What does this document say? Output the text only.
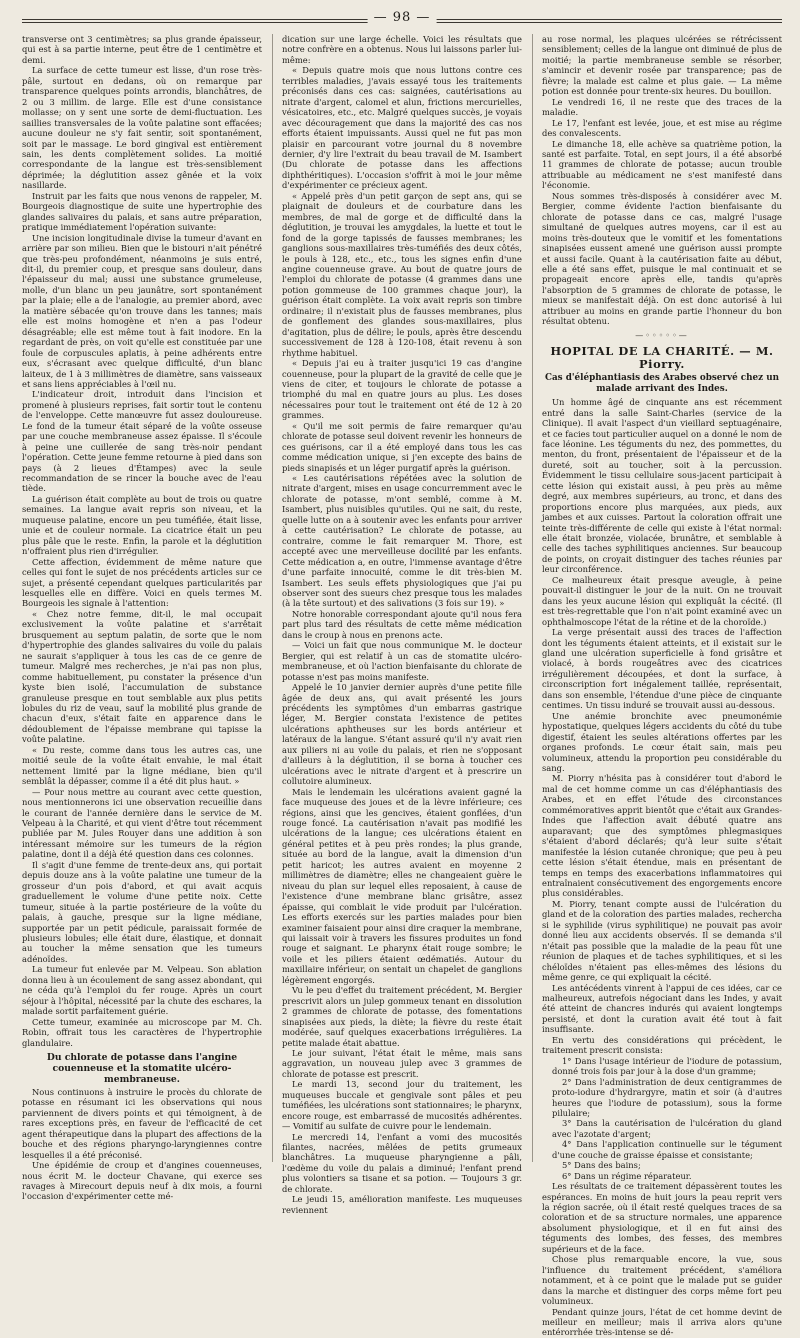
— 98 —

transverse ont 3 centimètres; sa plus grande épaisseur, qui est à sa partie interne, peut être de 1 centimètre et demi.

La surface de cette tumeur est lisse, d'un rose très-pâle, surtout en dedans, où on remarque par transparence quelques points arrondis, blanchâtres, de 2 ou 3 millim. de large. Elle est d'une consistance mollasse; on y sent une sorte de demi-fluctuation. Les saillies transversales de la voûte palatine sont effacées; aucune douleur ne s'y fait sentir, soit spontanément, soit par le massage. Le bord gingival est entièrement sain, les dents complètement solides. La moitié correspondante de la langue est très-sensiblement déprimée; la déglutition assez gênée et la voix nasillarde.

Instruit par les faits que nous venons de rappeler, M. Bourgeois diagnostique de suite une hypertrophie des glandes salivaires du palais, et sans autre préparation, pratique immédiatement l'opération suivante:

Une incision longitudinale divise la tumeur d'avant en arrière par son milieu. Bien que le bistouri n'ait pénétré que très-peu profondément, néanmoins je suis entré, dit-il, du premier coup, et presque sans douleur, dans l'épaisseur du mal; aussi une substance grumeleuse, molle, d'un blanc un peu jaunâtre, sort spontanément par la plaie; elle a de l'analogie, au premier abord, avec la matière sébacée qu'on trouve dans les tannes; mais elle est moins homogène et n'en a pas l'odeur désagréable; elle est même tout à fait inodore. En la regardant de près, on voit qu'elle est constituée par une foule de corpuscules aplatis, à peine adhérents entre eux, s'écrasant avec quelque difficulté, d'un blanc laiteux, de 1 à 3 millimètres de diamètre, sans vaisseaux et sans liens appréciables à l'œil nu.

L'indicateur droit, introduit dans l'incision et promené à plusieurs reprises, fait sortir tout le contenu de l'enveloppe. Cette manœuvre fut assez douloureuse. Le fond de la tumeur était séparé de la voûte osseuse par une couche membraneuse assez épaisse. Il s'écoule à peine une cuillerée de sang très-noir pendant l'opération. Cette jeune femme retourne à pied dans son pays (à 2 lieues d'Étampes) avec la seule recommandation de se rincer la bouche avec de l'eau tiède.

La guérison était complète au bout de trois ou quatre semaines. La langue avait repris son niveau, et la muqueuse palatine, encore un peu tuméfiée, était lisse, unie et de couleur normale. La cicatrice était un peu plus pâle que le reste. Enfin, la parole et la déglutition n'offraient plus rien d'irrégulier.

Cette affection, évidemment de même nature que celles qui font le sujet de nos précédents articles sur ce sujet, a présenté cependant quelques particularités par lesquelles elle en diffère. Voici en quels termes M. Bourgeois les signale à l'attention:

« Chez notre femme, dit-il, le mal occupait exclusivement la voûte palatine et s'arrêtait brusquement au septum palatin, de sorte que le nom d'hypertrophie des glandes salivaires du voile du palais ne saurait s'appliquer à tous les cas de ce genre de tumeur. Malgré mes recherches, je n'ai pas non plus, comme habituellement, pu constater la présence d'un kyste bien isolé, l'accumulation de substance granuleuse presque en tout semblable aux plus petits lobules du riz de veau, sauf la mobilité plus grande de chacun d'eux, s'était faite en apparence dans le dédoublement de l'épaisse membrane qui tapisse la voûte palatine.

« Du reste, comme dans tous les autres cas, une moitié seule de la voûte était envahie, le mal était nettement limité par la ligne médiane, bien qu'il semblât la dépasser, comme il a été dit plus haut. »

— Pour nous mettre au courant avec cette question, nous mentionnerons ici une observation recueillie dans le courant de l'année dernière dans le service de M. Velpeau à la Charité, et qui vient d'être tout récemment publiée par M. Jules Rouyer dans une addition à son intéressant mémoire sur les tumeurs de la région palatine, dont il a déjà été question dans ces colonnes.

Il s'agit d'une femme de trente-deux ans, qui portait depuis douze ans à la voûte palatine une tumeur de la grosseur d'un pois d'abord, et qui avait acquis graduellement le volume d'une petite noix. Cette tumeur, située à la partie postérieure de la voûte du palais, à gauche, presque sur la ligne médiane, supportée par un petit pédicule, paraissait formée de plusieurs lobules; elle était dure, élastique, et donnait au toucher la même sensation que les tumeurs adénoïdes.

La tumeur fut enlevée par M. Velpeau. Son ablation donna lieu à un écoulement de sang assez abondant, qui ne céda qu'à l'emploi du fer rouge. Après un court séjour à l'hôpital, nécessité par la chute des eschares, la malade sortit parfaitement guérie.

Cette tumeur, examinée au microscope par M. Ch. Robin, offrait tous les caractères de l'hypertrophie glandulaire.

Du chlorate de potasse dans l'angine couenneuse et la stomatite ulcéro-membraneuse.

Nous continuons à instruire le procès du chlorate de potasse en résumant ici les observations qui nous parviennent de divers points et qui témoignent, à de rares exceptions près, en faveur de l'efficacité de cet agent thérapeutique dans la plupart des affections de la bouche et des régions pharyngo-laryngiennes contre lesquelles il a été préconisé.

Une épidémie de croup et d'angines couenneuses, nous écrit M. le docteur Chavane, qui exerce ses ravages à Mirecourt depuis neuf à dix mois, a fourni l'occasion d'expérimenter cette mé-

dication sur une large échelle. Voici les résultats que notre confrère en a obtenus. Nous lui laissons parler lui-même:

« Depuis quatre mois que nous luttons contre ces terribles maladies, j'avais essayé tous les traitements préconisés dans ces cas: saignées, cautérisations au nitrate d'argent, calomel et alun, frictions mercurielles, vésicatoires, etc., etc. Malgré quelques succès, je voyais avec découragement que dans la majorité des cas nos efforts étaient impuissants. Aussi quel ne fut pas mon plaisir en parcourant votre journal du 8 novembre dernier, d'y lire l'extrait du beau travail de M. Isambert (Du chlorate de potasse dans les affections diphthéritiques). L'occasion s'offrit à moi le jour même d'expérimenter ce précieux agent.

« Appelé près d'un petit garçon de sept ans, qui se plaignait de douleurs et de courbature dans les membres, de mal de gorge et de difficulté dans la déglutition, je trouvai les amygdales, la luette et tout le fond de la gorge tapissés de fausses membranes; les ganglions sous-maxillaires très-tuméfiés des deux côtés, le pouls à 128, etc., etc., tous les signes enfin d'une angine couenneuse grave. Au bout de quatre jours de l'emploi du chlorate de potasse (4 grammes dans une potion gommeuse de 100 grammes chaque jour), la guérison était complète. La voix avait repris son timbre ordinaire; il n'existait plus de fausses membranes, plus de gonflement des glandes sous-maxillaires, plus d'agitation, plus de délire; le pouls, après être descendu successivement de 128 à 120-108, était revenu à son rhythme habituel.

« Depuis j'ai eu à traiter jusqu'ici 19 cas d'angine couenneuse, pour la plupart de la gravité de celle que je viens de citer, et toujours le chlorate de potasse a triomphé du mal en quatre jours au plus. Les doses nécessaires pour tout le traitement ont été de 12 à 20 grammes.

« Qu'il me soit permis de faire remarquer qu'au chlorate de potasse seul doivent revenir les honneurs de ces guérisons, car il a été employé dans tous les cas comme médication unique, si j'en excepte des bains de pieds sinapisés et un léger purgatif après la guérison.

« Les cautérisations répétées avec la solution de nitrate d'argent, mises en usage concurremment avec le chlorate de potasse, m'ont semblé, comme à M. Isambert, plus nuisibles qu'utiles. Qui ne sait, du reste, quelle lutte on a à soutenir avec les enfants pour arriver à cette cautérisation? Le chlorate de potasse, au contraire, comme le fait remarquer M. Thore, est accepté avec une merveilleuse docilité par les enfants. Cette médication a, en outre, l'immense avantage d'être d'une parfaite innocuité, comme le dit très-bien M. Isambert. Les seuls effets physiologiques que j'ai pu observer sont des sueurs chez presque tous les malades (à la tête surtout) et des salivations (3 fois sur 19). »

Notre honorable correspondant ajoute qu'il nous fera part plus tard des résultats de cette même médication dans le croup à nous en prenons acte.

— Voici un fait que nous communique M. le docteur Bergier, qui est relatif à un cas de stomatite ulcéro-membraneuse, et où l'action bienfaisante du chlorate de potasse n'est pas moins manifeste.

Appelé le 10 janvier dernier auprès d'une petite fille âgée de deux ans, qui avait présenté les jours précédents les symptômes d'un embarras gastrique léger, M. Bergier constata l'existence de petites ulcérations aphtheuses sur les bords antérieur et latéraux de la langue. S'étant assuré qu'il n'y avait rien aux piliers ni au voile du palais, et rien ne s'opposant d'ailleurs à la déglutition, il se borna à toucher ces ulcérations avec le nitrate d'argent et à prescrire un collutoire alumineux.

Mais le lendemain les ulcérations avaient gagné la face muqueuse des joues et de la lèvre inférieure; ces régions, ainsi que les gencives, étaient gonflées, d'un rouge foncé. La cautérisation n'avait pas modifié les ulcérations de la langue; ces ulcérations étaient en général petites et à peu près rondes; la plus grande, située au bord de la langue, avait la dimension d'un petit haricot; les autres avaient en moyenne 2 millimètres de diamètre; elles ne changeaient guère le niveau du plan sur lequel elles reposaient, à cause de l'existence d'une membrane blanc grisâtre, assez épaisse, qui comblait le vide produit par l'ulcération. Les efforts exercés sur les parties malades pour bien examiner faisaient pour ainsi dire craquer la membrane, qui laissait voir à travers les fissures produites un fond rouge et saignant. Le pharynx était rouge sombre; le voile et les piliers étaient œdématiés. Autour du maxillaire inférieur, on sentait un chapelet de ganglions légèrement engorgés.

Vu le peu d'effet du traitement précédent, M. Bergier prescrivit alors un julep gommeux tenant en dissolution 2 grammes de chlorate de potasse, des fomentations sinapisées aux pieds, la diète; la fièvre du reste était modérée, sauf quelques exacerbations irrégulières. La petite malade était abattue.

Le jour suivant, l'état était le même, mais sans aggravation, un nouveau julep avec 3 grammes de chlorate de potasse est prescrit.

Le mardi 13, second jour du traitement, les muqueuses buccale et gengivale sont pâles et peu tuméfiées, les ulcérations sont stationnaires; le pharynx, encore rouge, est embarrassé de mucosités adhérentes. — Vomitif au sulfate de cuivre pour le lendemain.

Le mercredi 14, l'enfant a vomi des mucosités filantes, nacrées, mêlées de petits grumeaux blanchâtres. La muqueuse pharyngienne a pâli, l'œdème du voile du palais a diminué; l'enfant prend plus volontiers sa tisane et sa potion. — Toujours 3 gr. de chlorate.

Le jeudi 15, amélioration manifeste. Les muqueuses reviennent

au rose normal, les plaques ulcérées se rétrécissent sensiblement; celles de la langue ont diminué de plus de moitié; la partie membraneuse semble se résorber, s'amincir et devenir rosée par transparence; pas de fièvre; la malade est calme et plus gaie. — La même potion est donnée pour trente-six heures. Du bouillon.

Le vendredi 16, il ne reste que des traces de la maladie.

Le 17, l'enfant est levée, joue, et est mise au régime des convalescents.

Le dimanche 18, elle achève sa quatrième potion, la santé est parfaite. Total, en sept jours, il a été absorbé 11 grammes de chlorate de potasse; aucun trouble attribuable au médicament ne s'est manifesté dans l'économie.

Nous sommes très-disposés à considérer avec M. Bergier, comme évidente l'action bienfaisante du chlorate de potasse dans ce cas, malgré l'usage simultané de quelques autres moyens, car il est au moins très-douteux que le vomitif et les fomentations sinapisées eussent amené une guérison aussi prompte et aussi facile. Quant à la cautérisation faite au début, elle a été sans effet, puisque le mal continuait et se propageait encore après elle, tandis qu'après l'absorption de 5 grammes de chlorate de potasse, le mieux se manifestait déjà. On est donc autorisé à lui attribuer au moins en grande partie l'honneur du bon résultat obtenu.

—◦◦◦◦◦—
HOPITAL DE LA CHARITÉ. — M. Piorry.
Cas d'éléphantiasis des Arabes observé chez un malade arrivant des Indes.

Un homme âgé de cinquante ans est récemment entré dans la salle Saint-Charles (service de la Clinique). Il avait l'aspect d'un vieillard septuagénaire, et ce facies tout particulier auquel on a donné le nom de face léonine. Les téguments du nez, des pommettes, du menton, du front, présentaient de l'épaisseur et de la dureté, soit au toucher, soit à la percussion. Évidemment le tissu cellulaire sous-jacent participait à cette lésion qui existait aussi, à peu près au même degré, aux membres supérieurs, au tronc, et dans des proportions encore plus marquées, aux pieds, aux jambes et aux cuisses. Partout la coloration offrait une teinte très-différente de celle qui existe à l'état normal: elle était bronzée, violacée, brunâtre, et semblable à celle des taches syphilitiques anciennes. Sur beaucoup de points, on croyait distinguer des taches réunies par leur circonférence.

Ce malheureux était presque aveugle, à peine pouvait-il distinguer le jour de la nuit. On ne trouvait dans les yeux aucune lésion qui expliquât la cécité. (Il est très-regrettable que l'on n'ait point examiné avec un ophthalmoscope l'état de la rétine et de la choroïde.)

La verge présentait aussi des traces de l'affection dont les téguments étaient atteints, et il existait sur le gland une ulcération superficielle à fond grisâtre et violacé, à bords rougeâtres avec des cicatrices irrégulièrement découpées, et dont la surface, à circonscription fort inégalement taillée, représentait, dans son ensemble, l'étendue d'une pièce de cinquante centimes. Un tissu induré se trouvait aussi au-dessous.

Une anémie bronchite avec pneumonémie hypostatique, quelques légers accidents du côté du tube digestif, étaient les seules altérations offertes par les organes profonds. Le cœur était sain, mais peu volumineux, attendu la proportion peu considérable du sang.

M. Piorry n'hésita pas à considérer tout d'abord le mal de cet homme comme un cas d'éléphantiasis des Arabes, et en effet l'étude des circonstances commémoratives apprit bientôt que c'était aux Grandes-Indes que l'affection avait débuté quatre ans auparavant; que des symptômes phlegmasiques s'étaient d'abord déclarés; qu'à leur suite s'était manifestée la lésion cutanée chronique; que peu à peu cette lésion s'était étendue, mais en présentant de temps en temps des exacerbations inflammatoires qui entraînaient consécutivement des engorgements encore plus considérables.

M. Piorry, tenant compte aussi de l'ulcération du gland et de la coloration des parties malades, rechercha si le syphilide (virus syphilitique) ne pouvait pas avoir donné lieu aux accidents observés. Il se demanda s'il n'était pas possible que la maladie de la peau fût une réunion de plaques et de taches syphilitiques, et si les chéloïdes n'étaient pas elles-mêmes des lésions du même genre, ce qui expliquait la cécité.

Les antécédents vinrent à l'appui de ces idées, car ce malheureux, autrefois négociant dans les Indes, y avait été atteint de chancres indurés qui avaient longtemps persisté, et dont la curation avait été tout à fait insuffisante.

En vertu des considérations qui précèdent, le traitement prescrit consista:

1° Dans l'usage intérieur de l'iodure de potassium, donné trois fois par jour à la dose d'un gramme;

2° Dans l'administration de deux centigrammes de proto-iodure d'hydrargyre, matin et soir (à d'autres heures que l'iodure de potassium), sous la forme pilulaire;

3° Dans la cautérisation de l'ulcération du gland avec l'azotate d'argent;

4° Dans l'application continuelle sur le tégument d'une couche de graisse épaisse et consistante;

5° Dans des bains;

6° Dans un régime réparateur.

Les résultats de ce traitement dépassèrent toutes les espérances. En moins de huit jours la peau reprit vers la région sacrée, où il était resté quelques traces de sa coloration et de sa structure normales, une apparence absolument physiologique, et il en fut ainsi des téguments des lombes, des fesses, des membres supérieurs et de la face.

Chose plus remarquable encore, la vue, sous l'influence du traitement précédent, s'améliora notamment, et à ce point que le malade put se guider dans la marche et distinguer des corps même fort peu volumineux.

Pendant quinze jours, l'état de cet homme devint de meilleur en meilleur; mais il arriva alors qu'une entérorrhée très-intense se dé-
